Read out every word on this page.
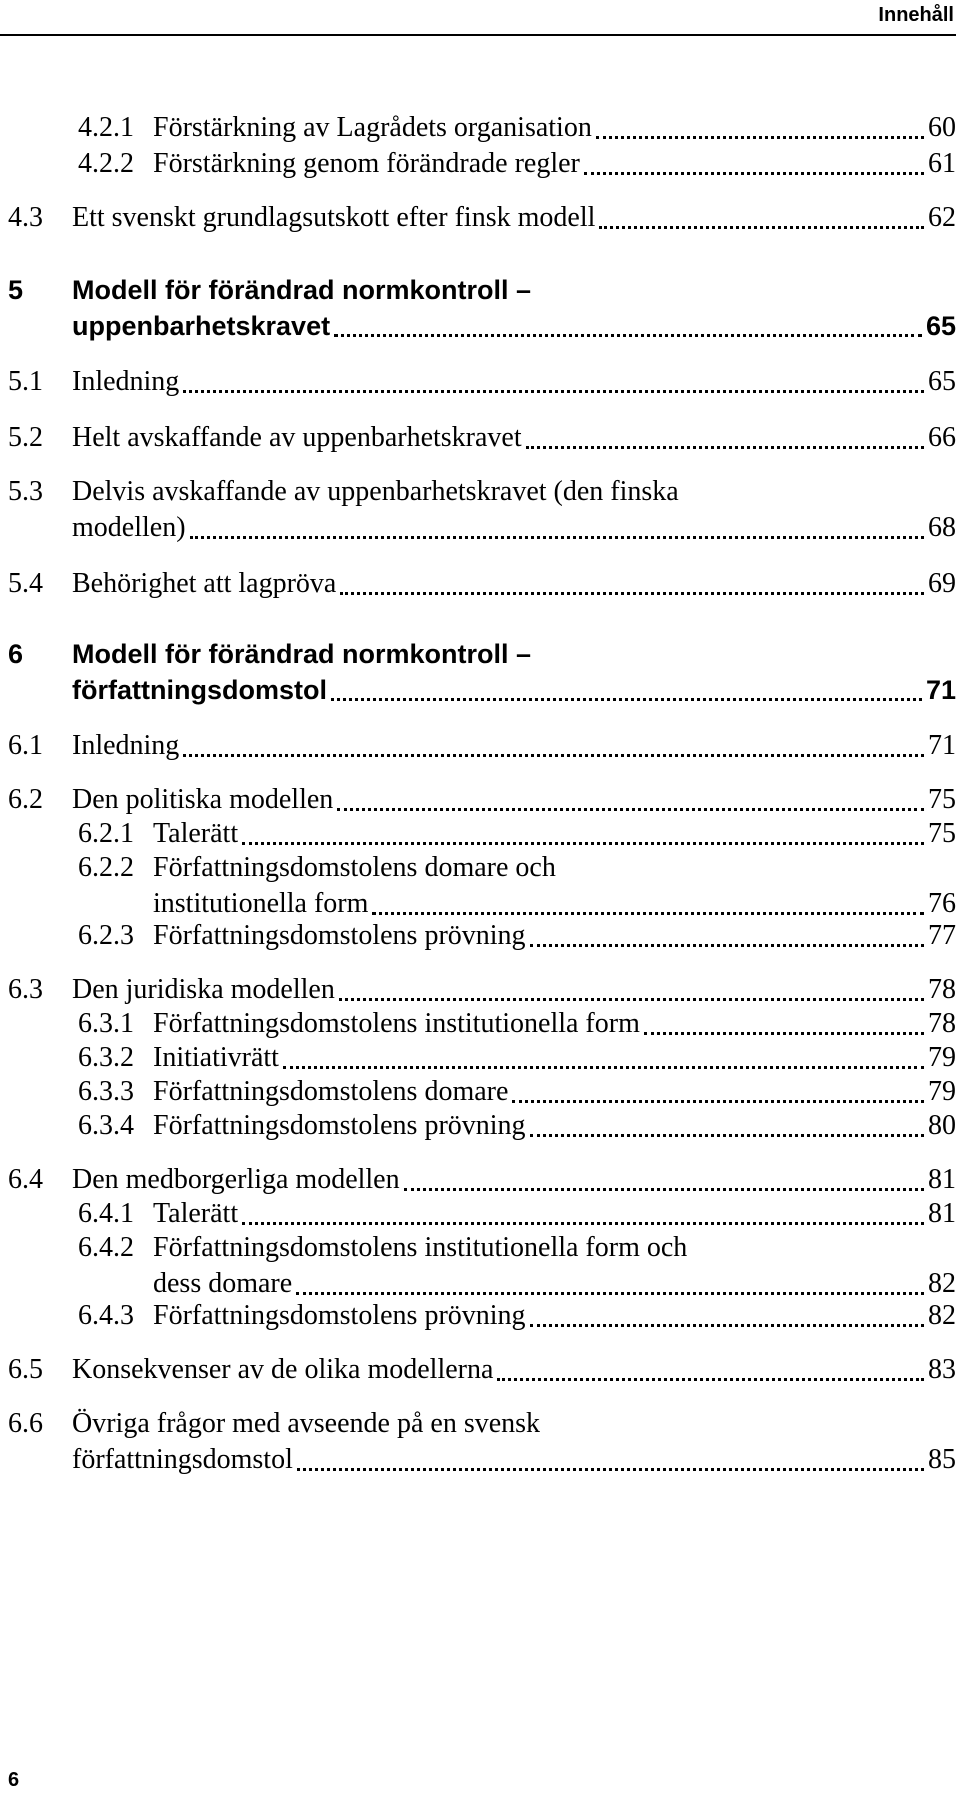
Innehåll
4.2.1 Förstärkning av Lagrådets organisation	60
4.2.2 Förstärkning genom förändrade regler	61
4.3 Ett svenskt grundlagsutskott efter finsk modell	62
5 Modell för förändrad normkontroll –
uppenbarhetskravet	65
5.1 Inledning	65
5.2 Helt avskaffande av uppenbarhetskravet	66
5.3 Delvis avskaffande av uppenbarhetskravet (den finska
modellen)	68
5.4 Behörighet att lagpröva	69
6 Modell för förändrad normkontroll –
författningsdomstol	71
6.1 Inledning	71
6.2 Den politiska modellen	75
6.2.1 Talerätt	75
6.2.2 Författningsdomstolens domare och
institutionella form	76
6.2.3 Författningsdomstolens prövning	77
6.3 Den juridiska modellen	78
6.3.1 Författningsdomstolens institutionella form	78
6.3.2 Initiativrätt	79
6.3.3 Författningsdomstolens domare	79
6.3.4 Författningsdomstolens prövning	80
6.4 Den medborgerliga modellen	81
6.4.1 Talerätt	81
6.4.2 Författningsdomstolens institutionella form och
dess domare	82
6.4.3 Författningsdomstolens prövning	82
6.5 Konsekvenser av de olika modellerna	83
6.6 Övriga frågor med avseende på en svensk
författningsdomstol	85
6
